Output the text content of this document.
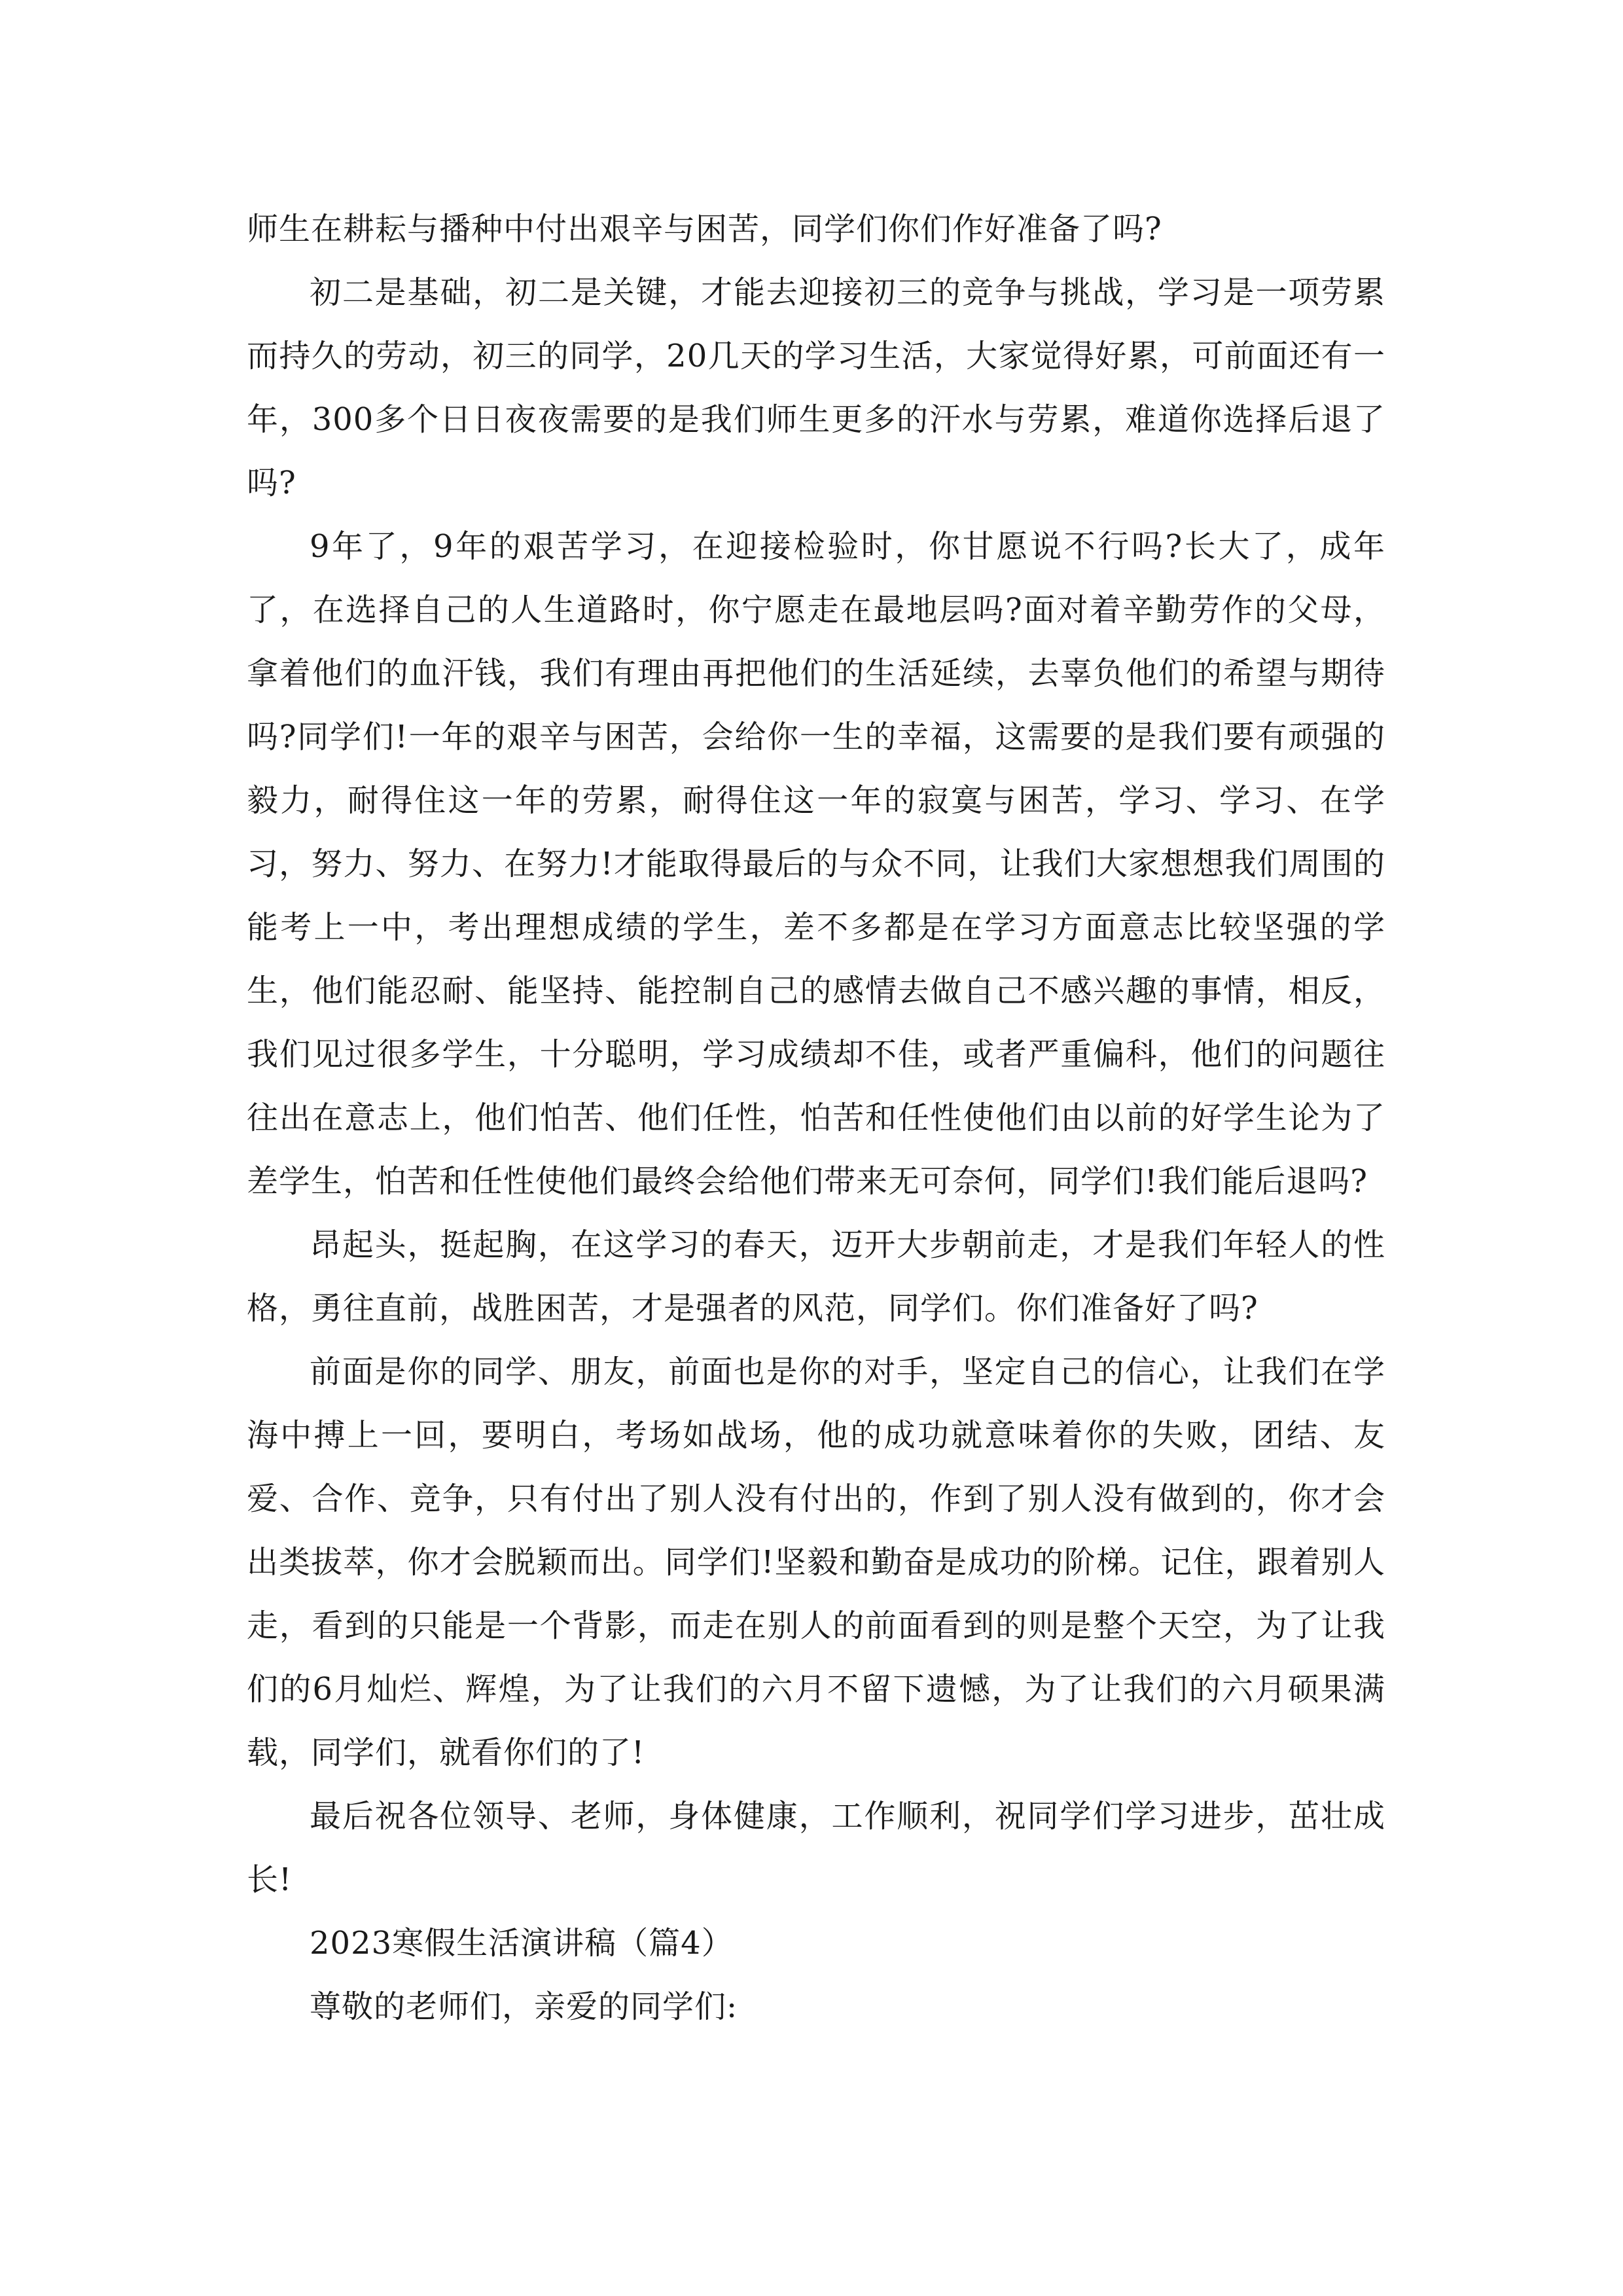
师生在耕耘与播种中付出艰辛与困苦，同学们你们作好准备了吗?

初二是基础，初二是关键，才能去迎接初三的竞争与挑战，学习是一项劳累而持久的劳动，初三的同学，20几天的学习生活，大家觉得好累，可前面还有一年，300多个日日夜夜需要的是我们师生更多的汗水与劳累，难道你选择后退了吗?

9年了，9年的艰苦学习，在迎接检验时，你甘愿说不行吗?长大了，成年了，在选择自己的人生道路时，你宁愿走在最地层吗?面对着辛勤劳作的父母，拿着他们的血汗钱，我们有理由再把他们的生活延续，去辜负他们的希望与期待吗?同学们!一年的艰辛与困苦，会给你一生的幸福，这需要的是我们要有顽强的毅力，耐得住这一年的劳累，耐得住这一年的寂寞与困苦，学习、学习、在学习，努力、努力、在努力!才能取得最后的与众不同，让我们大家想想我们周围的能考上一中，考出理想成绩的学生，差不多都是在学习方面意志比较坚强的学生，他们能忍耐、能坚持、能控制自己的感情去做自己不感兴趣的事情，相反，我们见过很多学生，十分聪明，学习成绩却不佳，或者严重偏科，他们的问题往往出在意志上，他们怕苦、他们任性，怕苦和任性使他们由以前的好学生论为了差学生，怕苦和任性使他们最终会给他们带来无可奈何，同学们!我们能后退吗?

昂起头，挺起胸，在这学习的春天，迈开大步朝前走，才是我们年轻人的性格，勇往直前，战胜困苦，才是强者的风范，同学们。你们准备好了吗?

前面是你的同学、朋友，前面也是你的对手，坚定自己的信心，让我们在学海中搏上一回，要明白，考场如战场，他的成功就意味着你的失败，团结、友爱、合作、竞争，只有付出了别人没有付出的，作到了别人没有做到的，你才会出类拔萃，你才会脱颖而出。同学们!坚毅和勤奋是成功的阶梯。记住，跟着别人走，看到的只能是一个背影，而走在别人的前面看到的则是整个天空，为了让我们的6月灿烂、辉煌，为了让我们的六月不留下遗憾，为了让我们的六月硕果满载，同学们，就看你们的了!

最后祝各位领导、老师，身体健康，工作顺利，祝同学们学习进步，茁壮成长!

2023寒假生活演讲稿（篇4）

尊敬的老师们，亲爱的同学们:
